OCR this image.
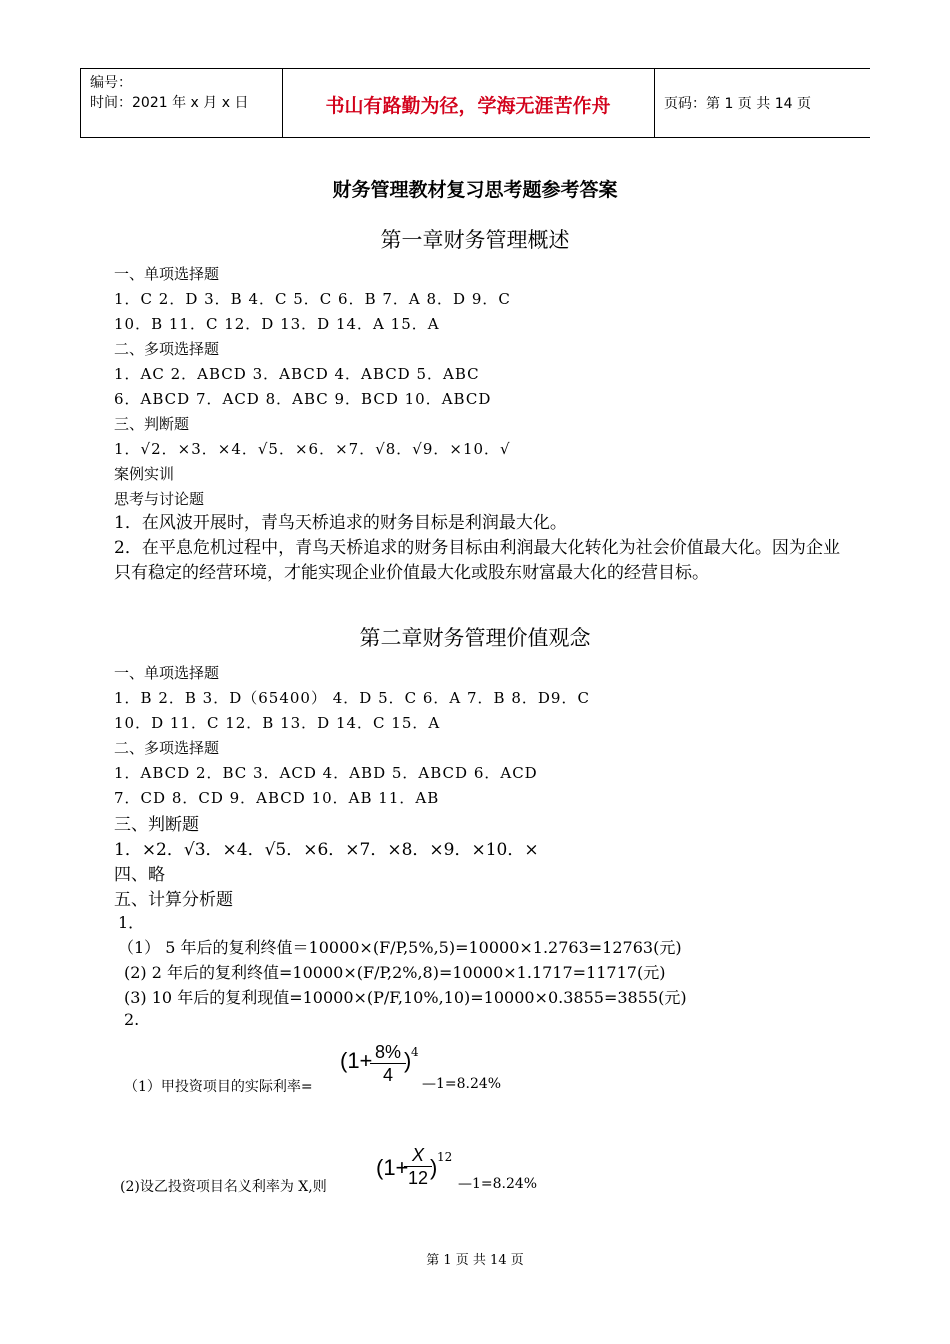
编号：
时间：2021 年 x 月 x 日	书山有路勤为径，学海无涯苦作舟	页码：第 1 页 共 14 页
财务管理教材复习思考题参考答案
第一章财务管理概述
一、单项选择题
1．C 2．D 3．B 4．C 5．C 6．B 7．A 8．D 9．C
10．B 11．C 12．D 13．D 14．A 15．A
二、多项选择题
1．AC 2．ABCD 3．ABCD 4．ABCD 5．ABC
6．ABCD 7．ACD 8．ABC 9．BCD 10．ABCD
三、判断题
1．√2．×3．×4．√5．×6．×7．√8．√9．×10．√
案例实训
思考与讨论题
1．在风波开展时，青鸟天桥追求的财务目标是利润最大化。
2．在平息危机过程中，青鸟天桥追求的财务目标由利润最大化转化为社会价值最大化。因为企业只有稳定的经营环境，才能实现企业价值最大化或股东财富最大化的经营目标。
第二章财务管理价值观念
一、单项选择题
1．B 2．B 3．D（65400） 4．D 5．C 6．A 7．B 8．D9．C
10．D 11．C 12．B 13．D 14．C 15．A
二、多项选择题
1．ABCD 2．BC 3．ACD 4．ABD 5．ABCD 6．ACD
7．CD 8．CD 9．ABCD 10．AB 11．AB
三、判断题
1．×2．√3．×4．√5．×6．×7．×8．×9．×10．×
四、略
五、计算分析题
1．
（1） 5 年后的复利终值＝10000×(F/P,5%,5)=10000×1.2763=12763(元)
(2) 2 年后的复利终值=10000×(F/P,2%,8)=10000×1.1717=11717(元)
(3) 10 年后的复利现值=10000×(P/F,10%,10)=10000×0.3855=3855(元)
2.
（1）甲投资项目的实际利率=
(1+
$\frac{8\%}{4}$
) 4
—1=8.24%
(2)设乙投资项目名义利率为 X,则
(1+
$\frac{X}{12}$
) 12
—1=8.24%
第 1 页 共 14 页
